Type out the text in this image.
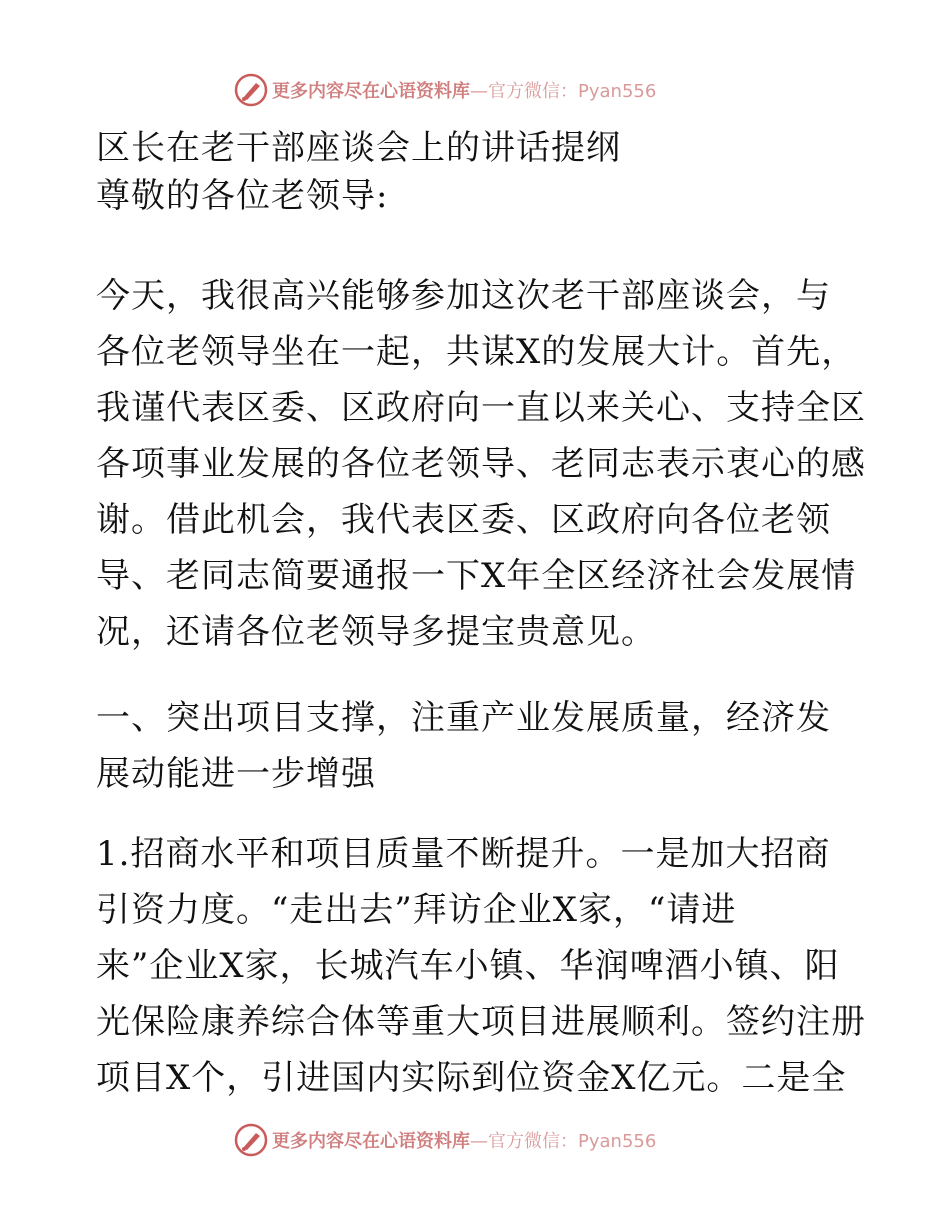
更多内容尽在心语资料库—官方微信：Pyan556
区长在老干部座谈会上的讲话提纲
尊敬的各位老领导:
今天，我很高兴能够参加这次老干部座谈会，与
各位老领导坐在一起，共谋X的发展大计。首先，
我谨代表区委、区政府向一直以来关心、支持全区
各项事业发展的各位老领导、老同志表示衷心的感
谢。借此机会，我代表区委、区政府向各位老领
导、老同志简要通报一下X年全区经济社会发展情
况，还请各位老领导多提宝贵意见。
一、突出项目支撑，注重产业发展质量，经济发
展动能进一步增强
1.招商水平和项目质量不断提升。一是加大招商
引资力度。“走出去”拜访企业X家，“请进
来”企业X家，长城汽车小镇、华润啤酒小镇、阳
光保险康养综合体等重大项目进展顺利。签约注册
项目X个，引进国内实际到位资金X亿元。二是全
更多内容尽在心语资料库—官方微信：Pyan556
